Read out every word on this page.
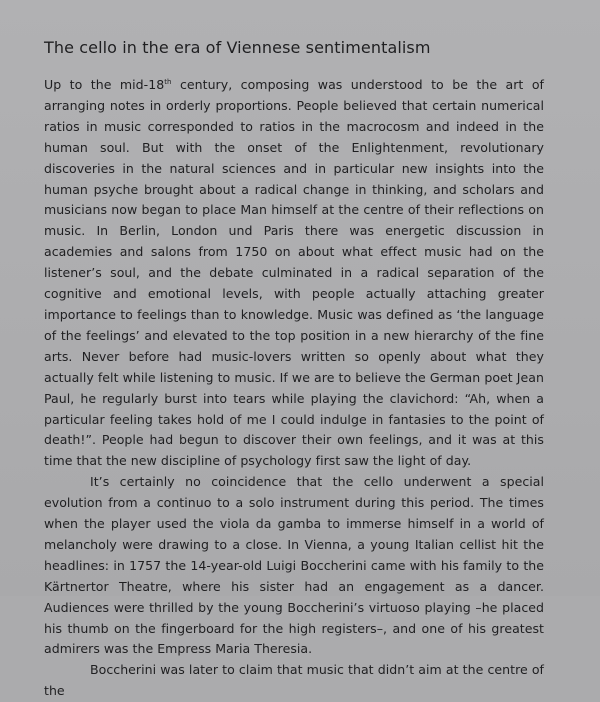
The cello in the era of Viennese sentimentalism

Up to the mid-18th century, composing was understood to be the art of arranging notes in orderly proportions. People believed that certain numerical ratios in music corresponded to ratios in the macrocosm and indeed in the human soul. But with the onset of the Enlightenment, revolutionary discoveries in the natural sciences and in particular new insights into the human psyche brought about a radical change in thinking, and scholars and musicians now began to place Man himself at the centre of their reflections on music. In Berlin, London und Paris there was energetic discussion in academies and salons from 1750 on about what effect music had on the listener’s soul, and the debate culminated in a radical separation of the cognitive and emotional levels, with people actually attaching greater importance to feelings than to knowledge. Music was defined as ‘the language of the feelings’ and elevated to the top position in a new hierarchy of the fine arts. Never before had music-lovers written so openly about what they actually felt while listening to music. If we are to believe the German poet Jean Paul, he regularly burst into tears while playing the clavichord: “Ah, when a particular feeling takes hold of me I could indulge in fantasies to the point of death!”. People had begun to discover their own feelings, and it was at this time that the new discipline of psychology first saw the light of day.

It’s certainly no coincidence that the cello underwent a special evolution from a continuo to a solo instrument during this period. The times when the player used the viola da gamba to immerse himself in a world of melancholy were drawing to a close. In Vienna, a young Italian cellist hit the headlines: in 1757 the 14-year-old Luigi Boccherini came with his family to the Kärtnertor Theatre, where his sister had an engagement as a dancer. Audiences were thrilled by the young Boccherini’s virtuoso playing –he placed his thumb on the fingerboard for the high registers–, and one of his greatest admirers was the Empress Maria Theresia.

Boccherini was later to claim that music that didn’t aim at the centre of the
